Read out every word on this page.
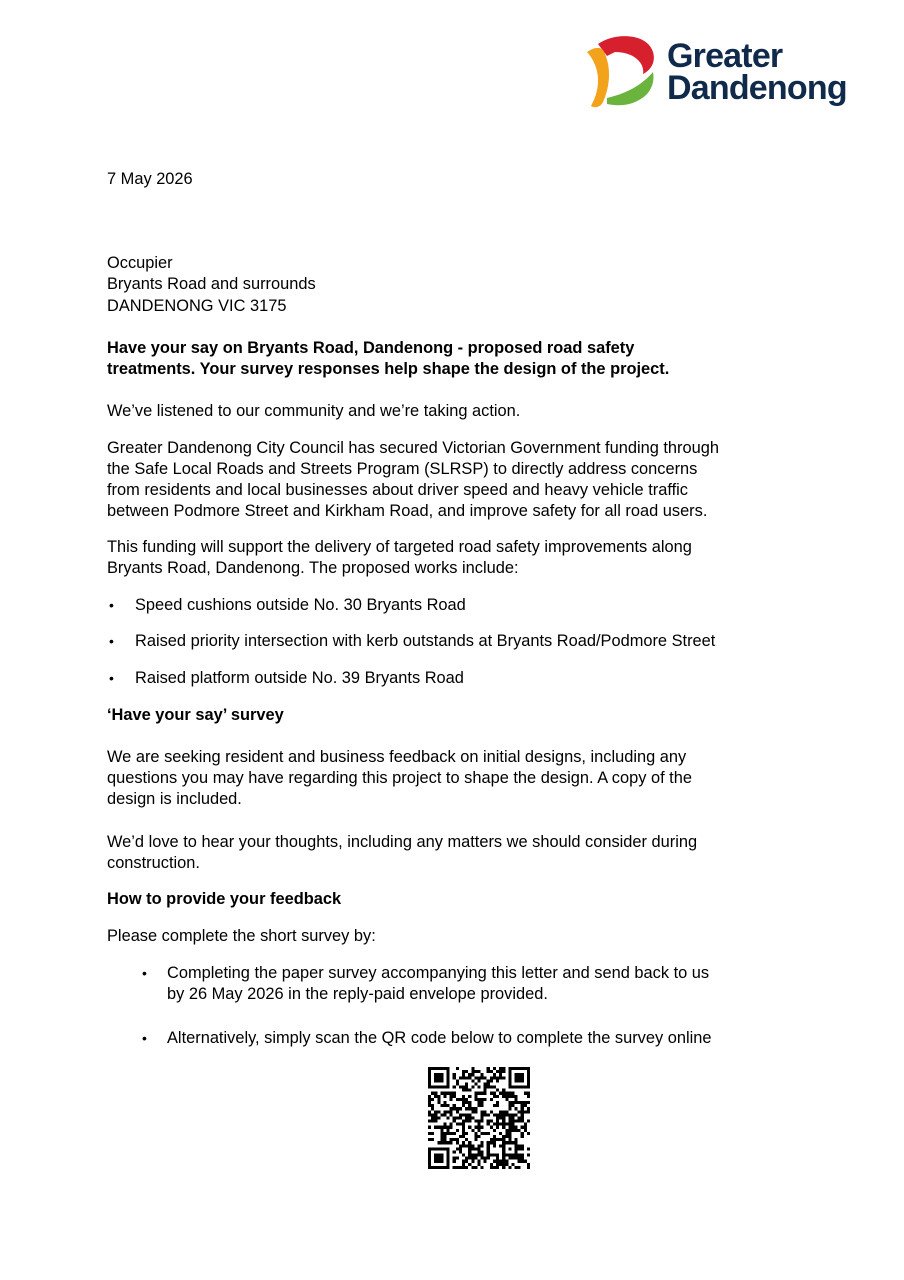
Greater
Dandenong
7 May 2026
Occupier
Bryants Road and surrounds
DANDENONG VIC 3175
Have your say on Bryants Road, Dandenong - proposed road safety
treatments. Your survey responses help shape the design of the project.
We’ve listened to our community and we’re taking action.
Greater Dandenong City Council has secured Victorian Government funding through
the Safe Local Roads and Streets Program (SLRSP) to directly address concerns
from residents and local businesses about driver speed and heavy vehicle traffic
between Podmore Street and Kirkham Road, and improve safety for all road users.
This funding will support the delivery of targeted road safety improvements along
Bryants Road, Dandenong. The proposed works include:
• Speed cushions outside No. 30 Bryants Road
• Raised priority intersection with kerb outstands at Bryants Road/Podmore Street
• Raised platform outside No. 39 Bryants Road
‘Have your say’ survey
We are seeking resident and business feedback on initial designs, including any
questions you may have regarding this project to shape the design. A copy of the
design is included.
We’d love to hear your thoughts, including any matters we should consider during
construction.
How to provide your feedback
Please complete the short survey by:
• Completing the paper survey accompanying this letter and send back to us
by 26 May 2026 in the reply-paid envelope provided.
• Alternatively, simply scan the QR code below to complete the survey online
